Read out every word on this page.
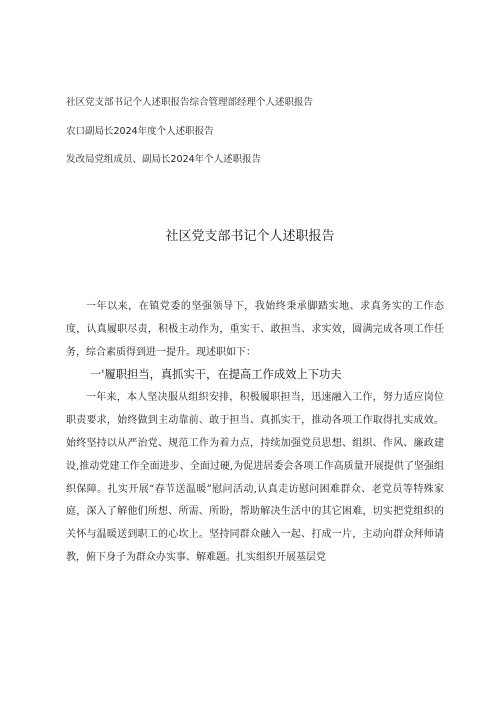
社区党支部书记个人述职报告综合管理部经理个人述职报告
农口副局长2024年度个人述职报告
发改局党组成员、副局长2024年个人述职报告
社区党支部书记个人述职报告

一年以来，在镇党委的坚强领导下，我始终秉承脚踏实地、求真务实的工作态度，认真履职尽责，积极主动作为，重实干、敢担当、求实效，圆满完成各项工作任务，综合素质得到进一提升。现述职如下：

一'履职担当，真抓实干，在提高工作成效上下功夫

一年来，本人坚决服从组织安排，积极履职担当，迅速融入工作，努力适应岗位职责要求，始终做到主动靠前、敢于担当、真抓实干，推动各项工作取得扎实成效。始终坚持以从严治党、规范工作为着力点，持续加强党员思想、组织、作风、廉政建设,推动党建工作全面进步、全面过硬,为促进居委会各项工作高质量开展提供了坚强组织保障。扎实开展“春节送温暖”慰问活动,认真走访慰问困难群众、老党员等特殊家庭，深入了解他们所想、所需、所盼，帮助解决生活中的其它困难，切实把党组织的关怀与温暖送到职工的心坎上。坚持同群众融入一起、打成一片，主动向群众拜师请教，俯下身子为群众办实事、解难题。扎实组织开展基层党
